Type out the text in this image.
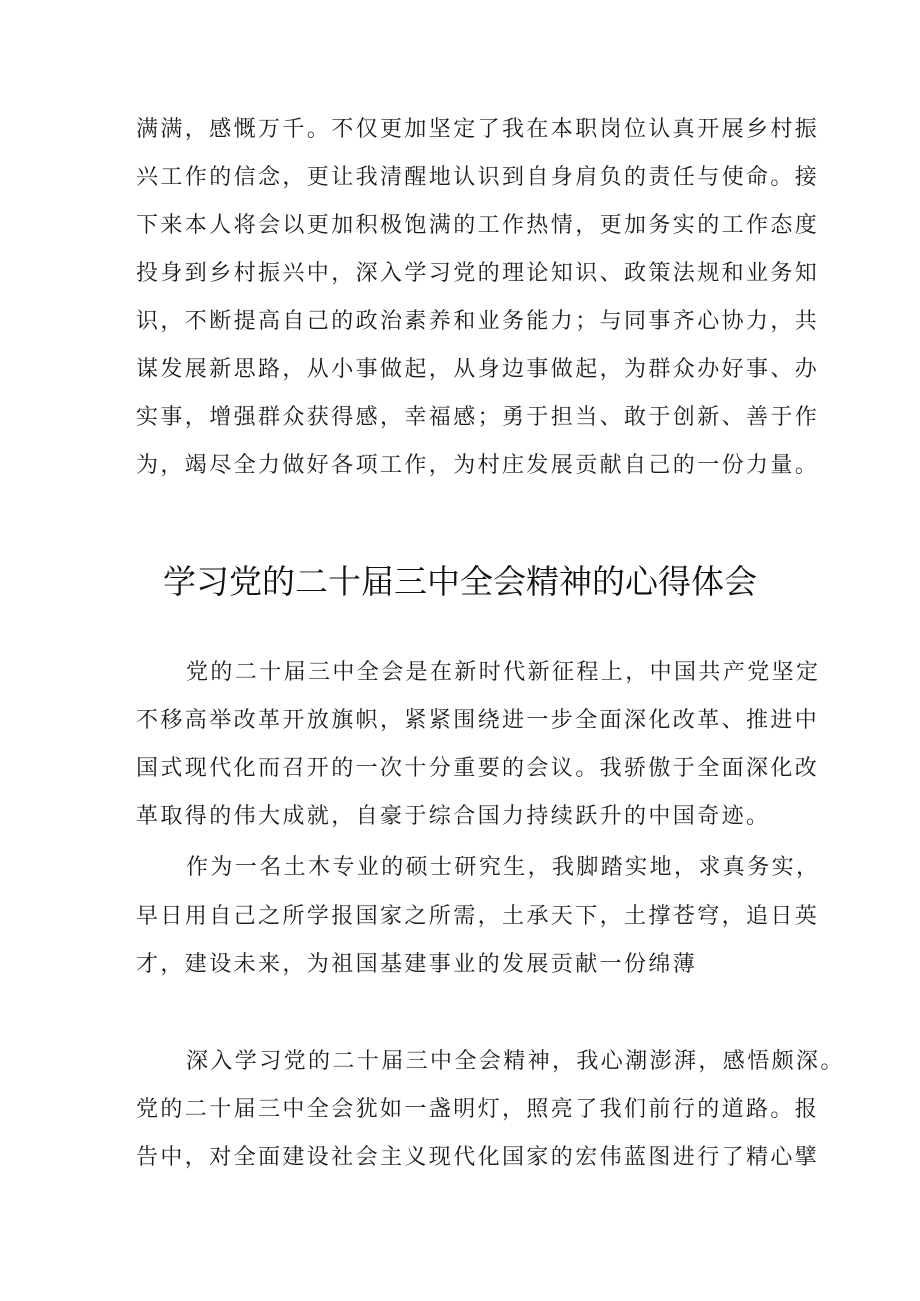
满满，感慨万千。不仅更加坚定了我在本职岗位认真开展乡村振
兴工作的信念，更让我清醒地认识到自身肩负的责任与使命。接
下来本人将会以更加积极饱满的工作热情，更加务实的工作态度
投身到乡村振兴中，深入学习党的理论知识、政策法规和业务知
识，不断提高自己的政治素养和业务能力；与同事齐心协力，共
谋发展新思路，从小事做起，从身边事做起，为群众办好事、办
实事，增强群众获得感，幸福感；勇于担当、敢于创新、善于作
为，竭尽全力做好各项工作，为村庄发展贡献自己的一份力量。
学习党的二十届三中全会精神的心得体会
党的二十届三中全会是在新时代新征程上，中国共产党坚定
不移高举改革开放旗帜，紧紧围绕进一步全面深化改革、推进中
国式现代化而召开的一次十分重要的会议。我骄傲于全面深化改
革取得的伟大成就，自豪于综合国力持续跃升的中国奇迹。
作为一名土木专业的硕士研究生，我脚踏实地，求真务实，
早日用自己之所学报国家之所需，土承天下，土撑苍穹，追日英
才，建设未来，为祖国基建事业的发展贡献一份绵薄
深入学习党的二十届三中全会精神，我心潮澎湃，感悟颇深。
党的二十届三中全会犹如一盏明灯，照亮了我们前行的道路。报
告中，对全面建设社会主义现代化国家的宏伟蓝图进行了精心擘
